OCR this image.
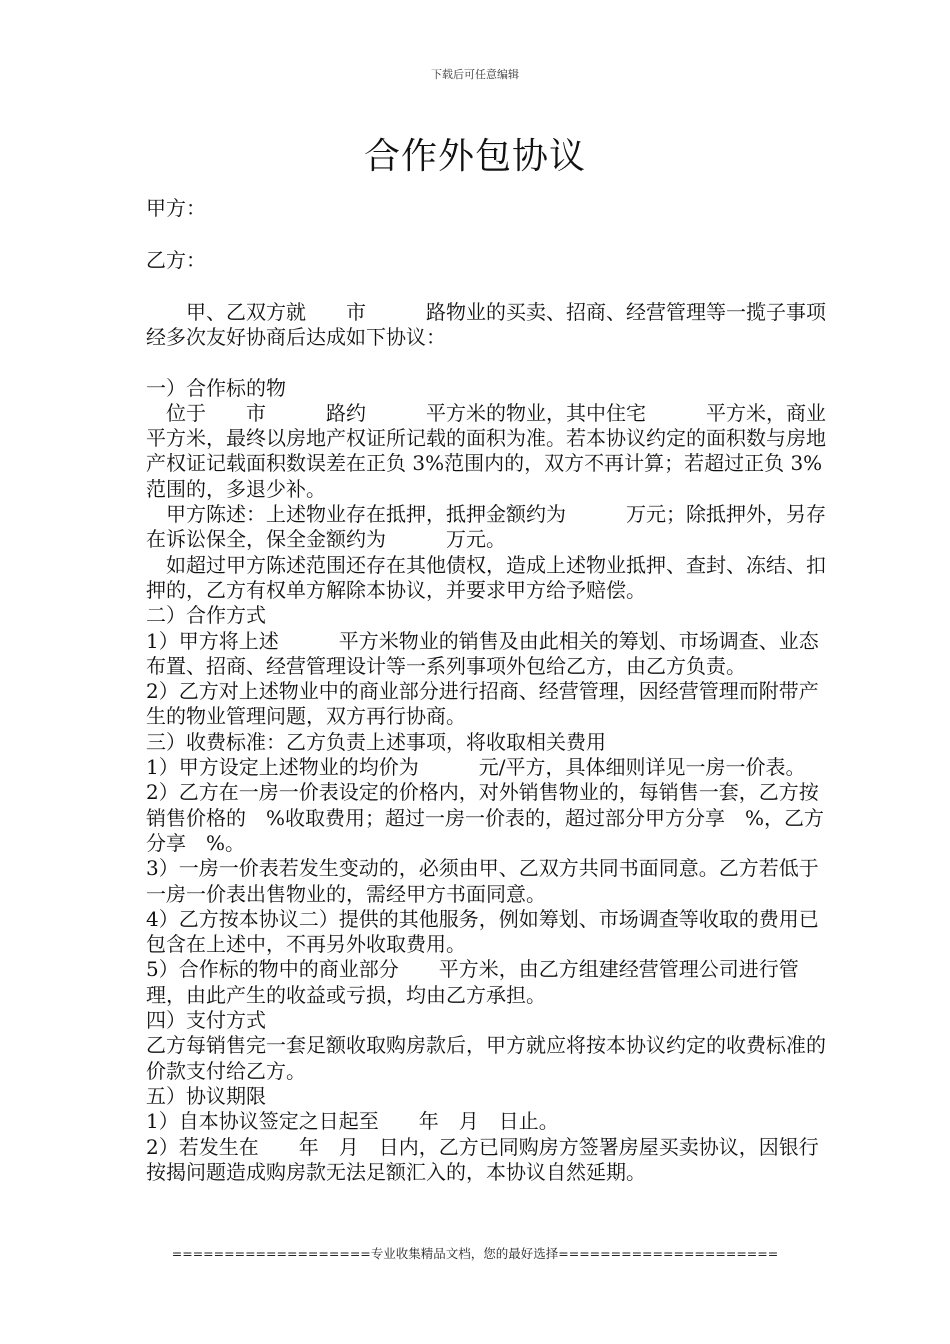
下载后可任意编辑
合作外包协议

甲方：

乙方：

　　甲、乙双方就　　市　　　路物业的买卖、招商、经营管理等一揽子事项经多次友好协商后达成如下协议：

一）合作标的物

　位于　　市　　　路约　　　平方米的物业，其中住宅　　　平方米，商业　　平方米，最终以房地产权证所记载的面积为准。若本协议约定的面积数与房地产权证记载面积数误差在正负 3%范围内的，双方不再计算；若超过正负 3%范围的，多退少补。

　甲方陈述：上述物业存在抵押，抵押金额约为　　　万元；除抵押外，另存在诉讼保全，保全金额约为　　　万元。

　如超过甲方陈述范围还存在其他债权，造成上述物业抵押、查封、冻结、扣押的，乙方有权单方解除本协议，并要求甲方给予赔偿。

二）合作方式

1）甲方将上述　　　平方米物业的销售及由此相关的筹划、市场调查、业态布置、招商、经营管理设计等一系列事项外包给乙方，由乙方负责。

2）乙方对上述物业中的商业部分进行招商、经营管理，因经营管理而附带产生的物业管理问题，双方再行协商。

三）收费标准：乙方负责上述事项，将收取相关费用

1）甲方设定上述物业的均价为　　　元/平方，具体细则详见一房一价表。

2）乙方在一房一价表设定的价格内，对外销售物业的，每销售一套，乙方按销售价格的　%收取费用；超过一房一价表的，超过部分甲方分享　%，乙方分享　%。

3）一房一价表若发生变动的，必须由甲、乙双方共同书面同意。乙方若低于一房一价表出售物业的，需经甲方书面同意。

4）乙方按本协议二）提供的其他服务，例如筹划、市场调查等收取的费用已包含在上述中，不再另外收取费用。

5）合作标的物中的商业部分　　平方米，由乙方组建经营管理公司进行管理，由此产生的收益或亏损，均由乙方承担。

四）支付方式

乙方每销售完一套足额收取购房款后，甲方就应将按本协议约定的收费标准的价款支付给乙方。

五）协议期限

1）自本协议签定之日起至　　年　月　日止。

2）若发生在　　年　月　日内，乙方已同购房方签署房屋买卖协议，因银行按揭问题造成购房款无法足额汇入的，本协议自然延期。

===================专业收集精品文档，您的最好选择=====================
